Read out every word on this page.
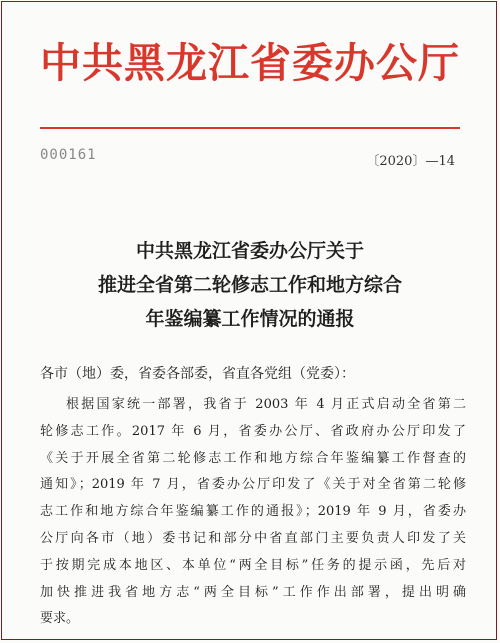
中共黑龙江省委办公厅
000161	〔2020〕—14
中共黑龙江省委办公厅关于
推进全省第二轮修志工作和地方综合
年鉴编纂工作情况的通报
各市（地）委，省委各部委，省直各党组（党委）：
根据国家统一部署，我省于 2003 年 4 月正式启动全省第二
轮修志工作。2017 年 6 月，省委办公厅、省政府办公厅印发了
《关于开展全省第二轮修志工作和地方综合年鉴编纂工作督查的
通知》；2019 年 7 月，省委办公厅印发了《关于对全省第二轮修
志工作和地方综合年鉴编纂工作的通报》；2019 年 9 月，省委办
公厅向各市（地）委书记和部分中省直部门主要负责人印发了关
于按期完成本地区、本单位“两全目标”任务的提示函，先后对
加快推进我省地方志“两全目标”工作作出部署，提出明确
要求。
